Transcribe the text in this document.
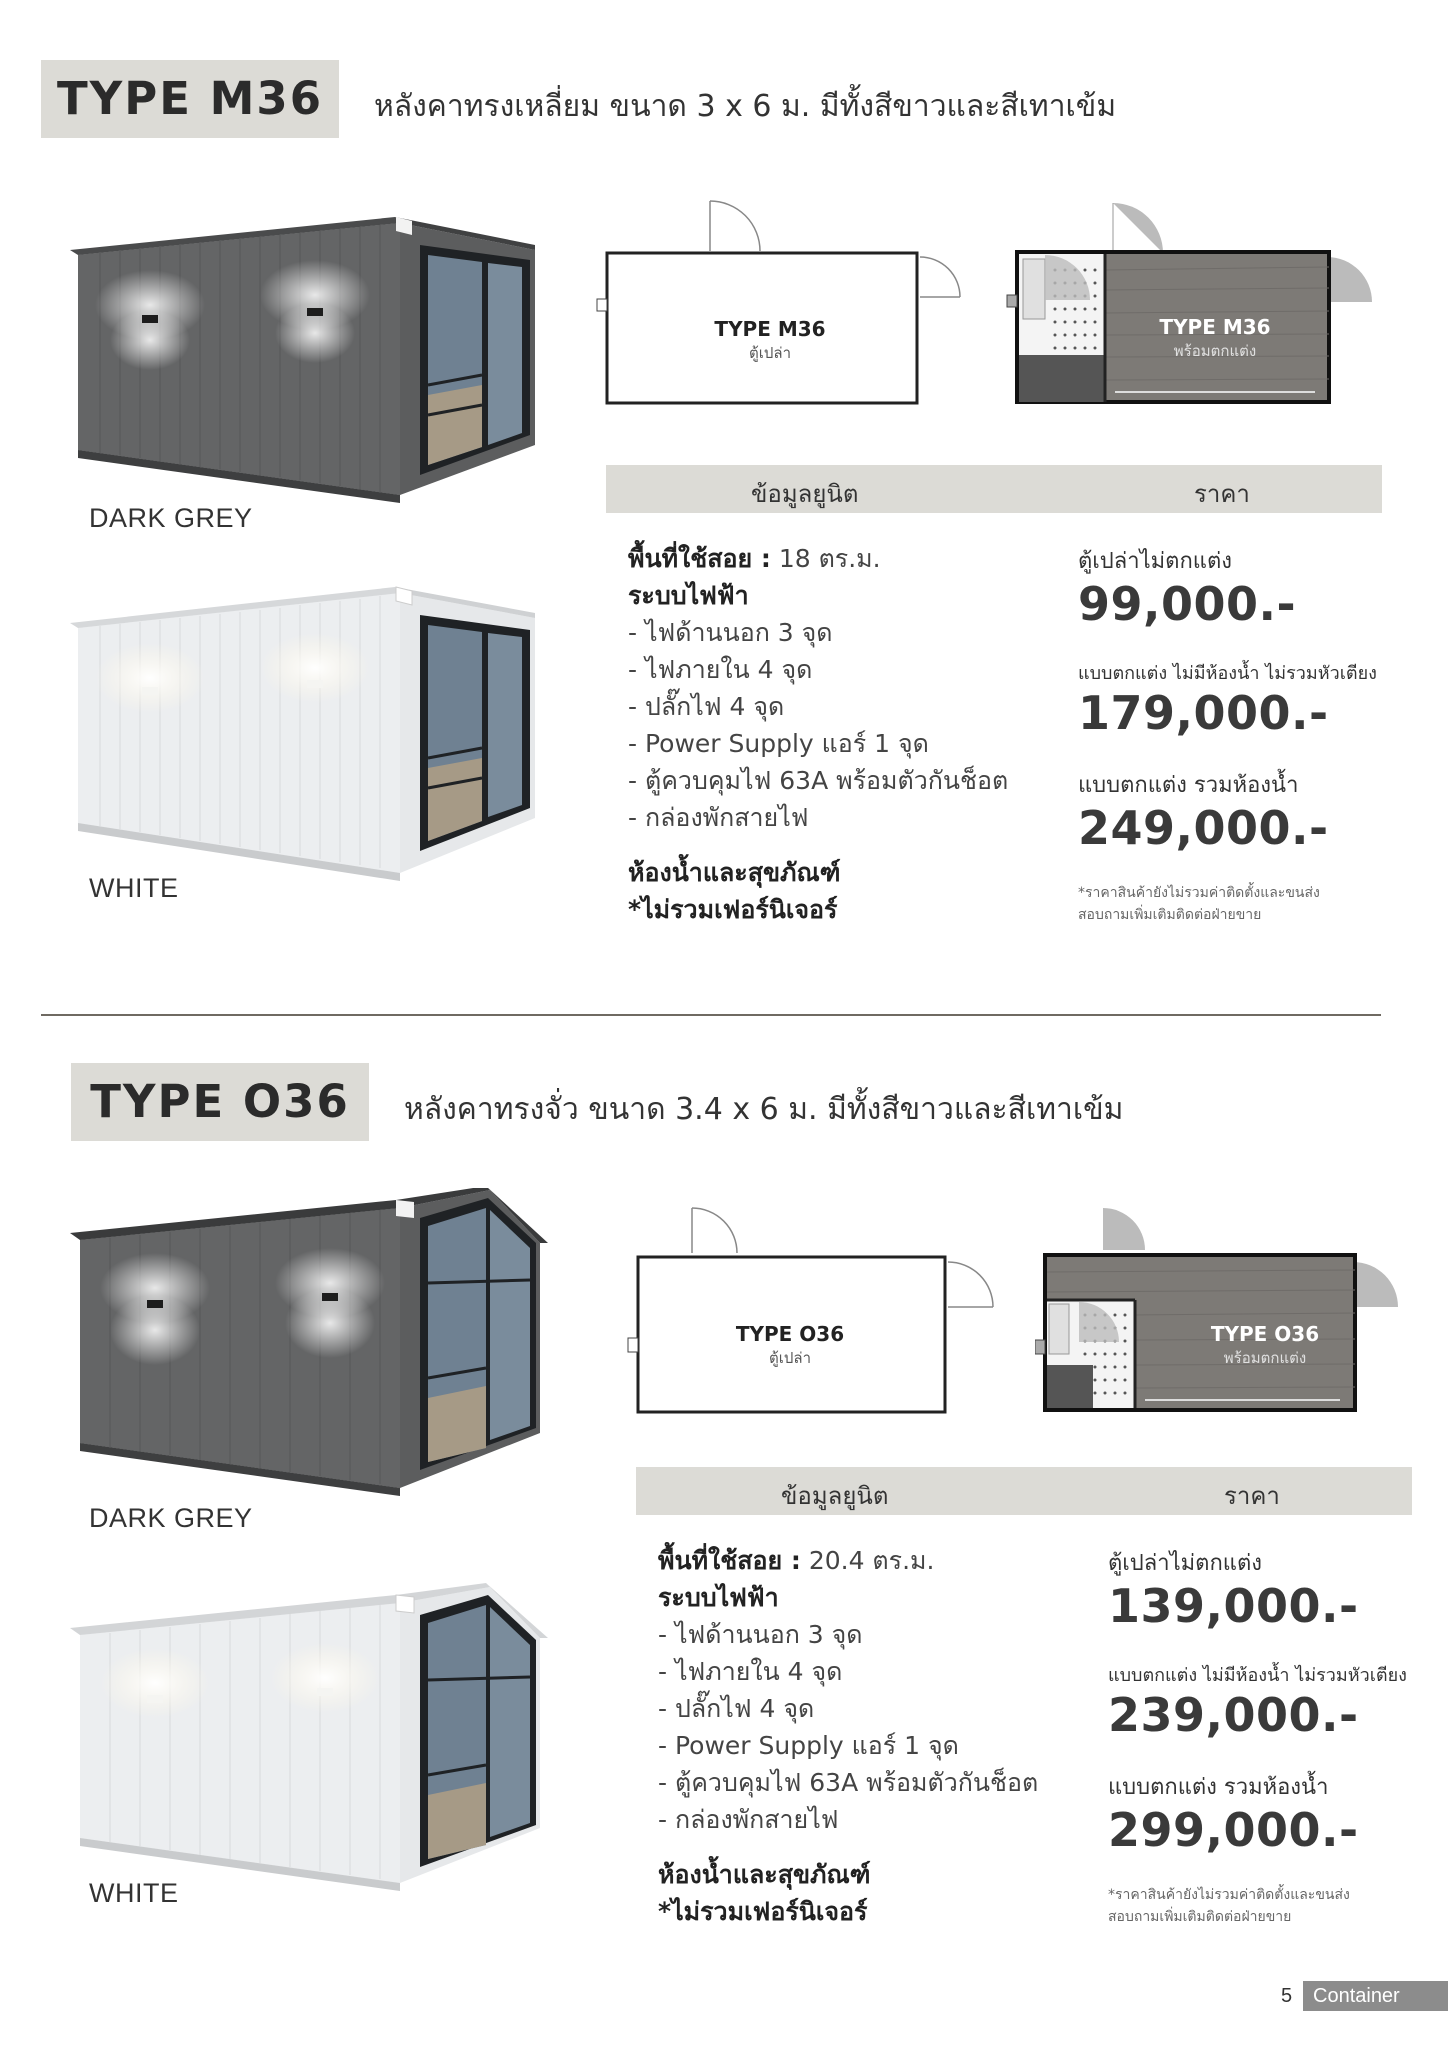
TYPE M36	หลังคาทรงเหลี่ยม ขนาด 3 x 6 ม. มีทั้งสีขาวและสีเทาเข้ม
DARK GREY
WHITE
TYPE M36
ตู้เปล่า
TYPE M36
พร้อมตกแต่ง
ข้อมูลยูนิต	ราคา
พื้นที่ใช้สอย : 18 ตร.ม.
ระบบไฟฟ้า
- ไฟด้านนอก 3 จุด
- ไฟภายใน 4 จุด
- ปลั๊กไฟ 4 จุด
- Power Supply แอร์ 1 จุด
- ตู้ควบคุมไฟ 63A พร้อมตัวกันช็อต
- กล่องพักสายไฟ
ห้องน้ำและสุขภัณฑ์
*ไม่รวมเฟอร์นิเจอร์
ตู้เปล่าไม่ตกแต่ง
99,000.-
แบบตกแต่ง ไม่มีห้องน้ำ ไม่รวมหัวเตียง
179,000.-
แบบตกแต่ง รวมห้องน้ำ
249,000.-
*ราคาสินค้ายังไม่รวมค่าติดตั้งและขนส่ง
สอบถามเพิ่มเติมติดต่อฝ่ายขาย
TYPE O36	หลังคาทรงจั่ว ขนาด 3.4 x 6 ม. มีทั้งสีขาวและสีเทาเข้ม
DARK GREY
WHITE
TYPE O36
ตู้เปล่า
TYPE O36
พร้อมตกแต่ง
ข้อมูลยูนิต	ราคา
พื้นที่ใช้สอย : 20.4 ตร.ม.
ระบบไฟฟ้า
- ไฟด้านนอก 3 จุด
- ไฟภายใน 4 จุด
- ปลั๊กไฟ 4 จุด
- Power Supply แอร์ 1 จุด
- ตู้ควบคุมไฟ 63A พร้อมตัวกันช็อต
- กล่องพักสายไฟ
ห้องน้ำและสุขภัณฑ์
*ไม่รวมเฟอร์นิเจอร์
ตู้เปล่าไม่ตกแต่ง
139,000.-
แบบตกแต่ง ไม่มีห้องน้ำ ไม่รวมหัวเตียง
239,000.-
แบบตกแต่ง รวมห้องน้ำ
299,000.-
*ราคาสินค้ายังไม่รวมค่าติดตั้งและขนส่ง
สอบถามเพิ่มเติมติดต่อฝ่ายขาย
5	Container
